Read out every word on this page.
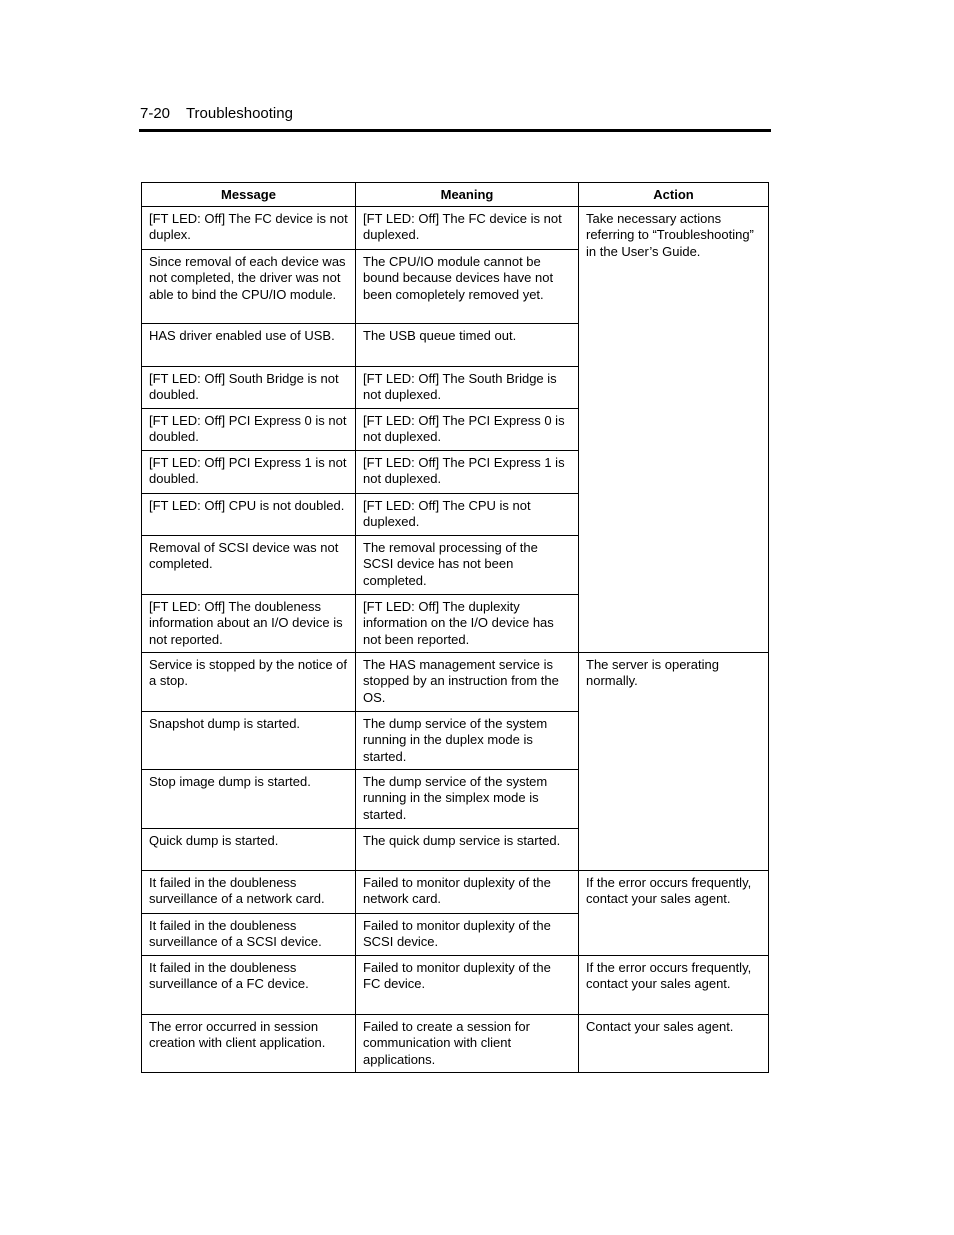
7-20 Troubleshooting
Message	Meaning	Action
[FT LED: Off] The FC device is not duplex.	[FT LED: Off] The FC device is not duplexed.	Take necessary actions referring to “Troubleshooting” in the User’s Guide.
Since removal of each device was not completed, the driver was not able to bind the CPU/IO module.	The CPU/IO module cannot be bound because devices have not been comopletely removed yet.	
HAS driver enabled use of USB.	The USB queue timed out.	
[FT LED: Off] South Bridge is not doubled.	[FT LED: Off] The South Bridge is not duplexed.	
[FT LED: Off] PCI Express 0 is not doubled.	[FT LED: Off] The PCI Express 0 is not duplexed.	
[FT LED: Off] PCI Express 1 is not doubled.	[FT LED: Off] The PCI Express 1 is not duplexed.	
[FT LED: Off] CPU is not doubled.	[FT LED: Off] The CPU is not duplexed.	
Removal of SCSI device was not completed.	The removal processing of the SCSI device has not been completed.	
[FT LED: Off] The doubleness information about an I/O device is not reported.	[FT LED: Off] The duplexity information on the I/O device has not been reported.	
Service is stopped by the notice of a stop.	The HAS management service is stopped by an instruction from the OS.	The server is operating normally.
Snapshot dump is started.	The dump service of the system running in the duplex mode is started.	
Stop image dump is started.	The dump service of the system running in the simplex mode is started.	
Quick dump is started.	The quick dump service is started.	
It failed in the doubleness surveillance of a network card.	Failed to monitor duplexity of the network card.	If the error occurs frequently, contact your sales agent.
It failed in the doubleness surveillance of a SCSI device.	Failed to monitor duplexity of the SCSI device.	
It failed in the doubleness surveillance of a FC device.	Failed to monitor duplexity of the FC device.	If the error occurs frequently, contact your sales agent.
The error occurred in session creation with client application.	Failed to create a session for communication with client applications.	Contact your sales agent.
